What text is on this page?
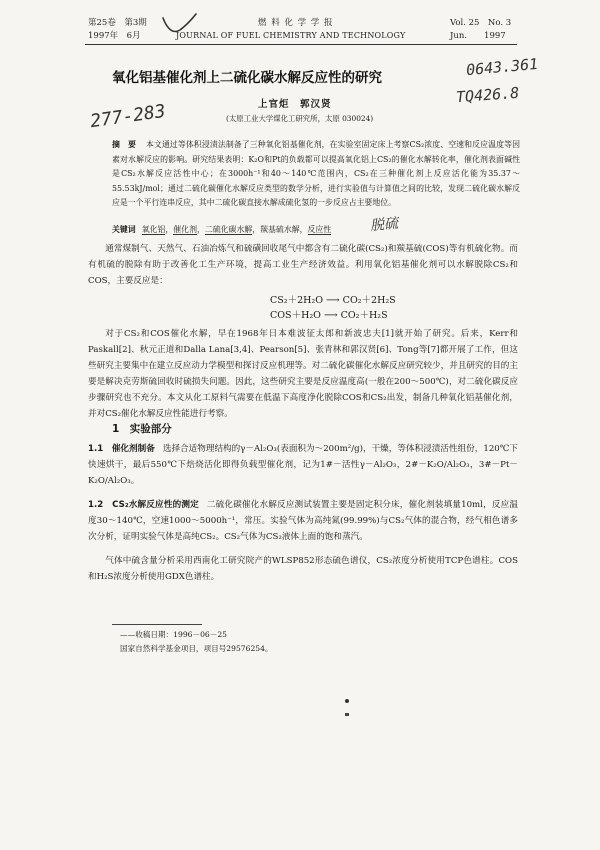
第25卷　第3期
1997年　6月
燃 料 化 学 学 报
JOURNAL OF FUEL CHEMISTRY AND TECHNOLOGY
Vol. 25　No. 3
Jun.　　1997
氧化铝基催化剂上二硫化碳水解反应性的研究	0643.361
TQ426.8
277-283	上官炬　郭汉贤
(太原工业大学煤化工研究所，太原 030024)

摘　要 本文通过等体积浸渍法制备了三种氧化铝基催化剂，在实验室固定床上考察CS₂浓度、空速和反应温度等因素对水解反应的影响。研究结果表明：K₂O和Pt的负载都可以提高氧化铝上CS₂的催化水解转化率，催化剂表面碱性是CS₂水解反应活性中心；在3000h⁻¹和40～140℃范围内，CS₂在三种催化剂上反应活化能为35.37～55.53kJ/mol；通过二硫化碳催化水解反应类型的数学分析，进行实验值与计算值之间的比较，发现二硫化碳水解反应是一个平行连串反应，其中二硫化碳直接水解成硫化氢的一步反应占主要地位。

关键词 氧化铝，催化剂，二硫化碳水解，羰基硫水解，反应性	脱硫

通常煤制气、天然气、石油冶炼气和硫磺回收尾气中都含有二硫化碳(CS₂)和羰基硫(COS)等有机硫化物。而有机硫的脱除有助于改善化工生产环境，提高工业生产经济效益。利用氧化铝基催化剂可以水解脱除CS₂和COS，主要反应是：

CS₂＋2H₂O ⟶ CO₂＋2H₂S
COS＋H₂O ⟶ CO₂＋H₂S

对于CS₂和COS催化水解，早在1968年日本难波征太郎和新波忠夫[1]就开始了研究。后来，Kerr和Paskall[2]、秋元正道和Dalla Lana[3,4]、Pearson[5]、张青林和郭汉贤[6]、Tong等[7]都开展了工作，但这些研究主要集中在建立反应动力学模型和探讨反应机理等。对二硫化碳催化水解反应研究较少，并且研究的目的主要是解决克劳斯硫回收时硫损失问题。因此，这些研究主要是反应温度高(一般在200～500℃)，对二硫化碳反应步骤研究也不充分。本文从化工原料气需要在低温下高度净化脱除COS和CS₂出发，制备几种氧化铝基催化剂，并对CS₂催化水解反应性能进行考察。

1　实验部分

1.1　催化剂制备 选择合适物理结构的γ－Al₂O₃(表面积为～200m²/g)，干燥，等体积浸渍活性组份，120℃下快速烘干，最后550℃下焙烧活化即得负载型催化剂，记为1#－活性γ－Al₂O₃，2#－K₂O/Al₂O₃，3#－Pt－K₂O/Al₂O₃。

1.2　CS₂水解反应性的测定 二硫化碳催化水解反应测试装置主要是固定积分床，催化剂装填量10ml，反应温度30～140℃，空速1000～5000h⁻¹，常压。实验气体为高纯氮(99.99%)与CS₂气体的混合物，经气相色谱多次分析，证明实验气体是高纯CS₂。CS₂气体为CS₂液体上面的饱和蒸汽。

气体中硫含量分析采用西南化工研究院产的WLSP852形态硫色谱仪，CS₂浓度分析使用TCP色谱柱。COS和H₂S浓度分析使用GDX色谱柱。

——收稿日期：1996－06－25
国家自然科学基金项目，项目号29576254。
